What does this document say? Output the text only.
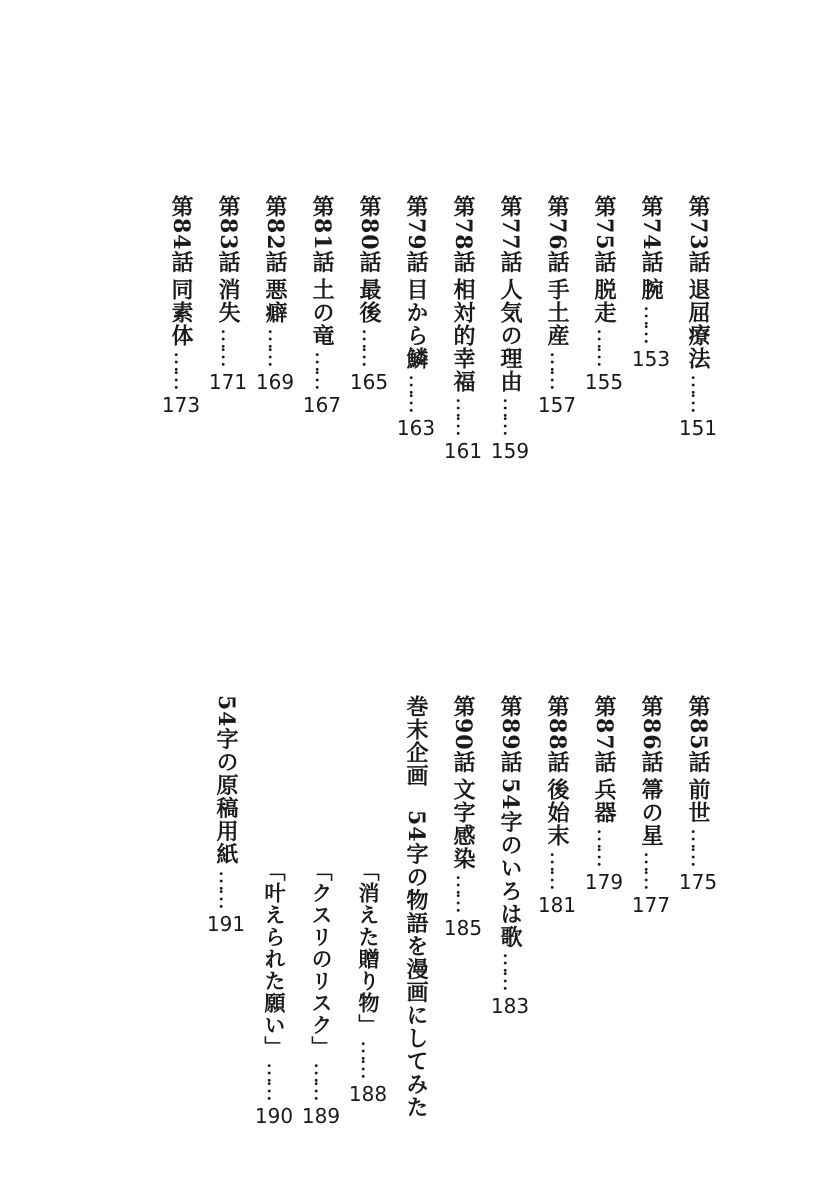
第73話
退屈療法
……
151
第74話
腕
……
153
第75話
脱走
……
155
第76話
手土産
……
157
第77話
人気の理由
……
159
第78話
相対的幸福
……
161
第79話
目から鱗
……
163
第80話
最後
……
165
第81話
土の竜
……
167
第82話
悪癖
……
169
第83話
消失
……
171
第84話
同素体
……
173
第85話
前世
……
175
第86話
箒の星
……
177
第87話
兵器
……
179
第88話
後始末
……
181
第89話
54字のいろは歌
……
183
第90話
文字感染
……
185
巻末企画　54字の物語を漫画にしてみた
「消えた贈り物」
……
188
「クスリのリスク」
……
189
「叶えられた願い」
……
190
54字の原稿用紙
……
191
